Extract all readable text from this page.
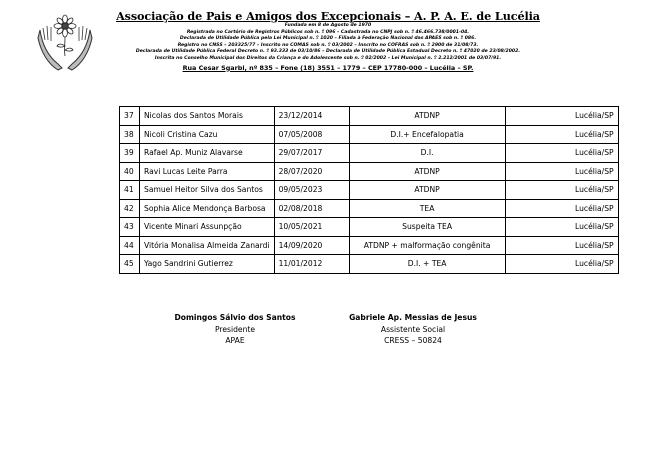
Associação de Pais e Amigos dos Excepcionais – A. P. A. E. de Lucélia
Fundada em 8 de Agosto de 1970
Registrada no Cartório de Registros Públicos sob n. º 096 – Cadastrada no CNPJ sob n. º 46.466.738/0001-04.
Declarada de Utilidade Pública pela Lei Municipal n. º 1020 – Filiada à Federação Nacional das APAES sob n. º 086.
Registro no CNSS – 203325/77 – Inscrito no COMAS sob n. º 03/2002 – Inscrito no COFRAS sob n. º 2900 de 31/08/73.
Declarada de Utilidade Pública Federal Decreto n. º 93.333 de 03/10/86 – Declarada de Utilidade Pública Estadual Decreto n. º 47020 de 23/08/2002.
Inscrita no Conselho Municipal dos Direitos da Criança e do Adolescente sob n. º 02/2002 – Lei Municipal n. º 2.212/2001 de 03/07/91.
Rua Cesar Sgarbi, nº 835 – Fone (18) 3551 – 1779 – CEP 17780-000 – Lucélia – SP.
37	Nicolas dos Santos Morais	23/12/2014	ATDNP	Lucélia/SP
38	Nicoli Cristina Cazu	07/05/2008	D.I.+ Encefalopatia	Lucélia/SP
39	Rafael Ap. Muniz Alavarse	29/07/2017	D.I.	Lucélia/SP
40	Ravi Lucas Leite Parra	28/07/2020	ATDNP	Lucélia/SP
41	Samuel Heitor Silva dos Santos	09/05/2023	ATDNP	Lucélia/SP
42	Sophia Alice Mendonça Barbosa	02/08/2018	TEA	Lucélia/SP
43	Vicente Minari Assunpção	10/05/2021	Suspeita TEA	Lucélia/SP
44	Vitória Monalisa Almeida Zanardi	14/09/2020	ATDNP + malformação congênita	Lucélia/SP
45	Yago Sandrini Gutierrez	11/01/2012	D.I. + TEA	Lucélia/SP
Domingos Sálvio dos Santos
Presidente
APAE
Gabriele Ap. Messias de Jesus
Assistente Social
CRESS – 50824
